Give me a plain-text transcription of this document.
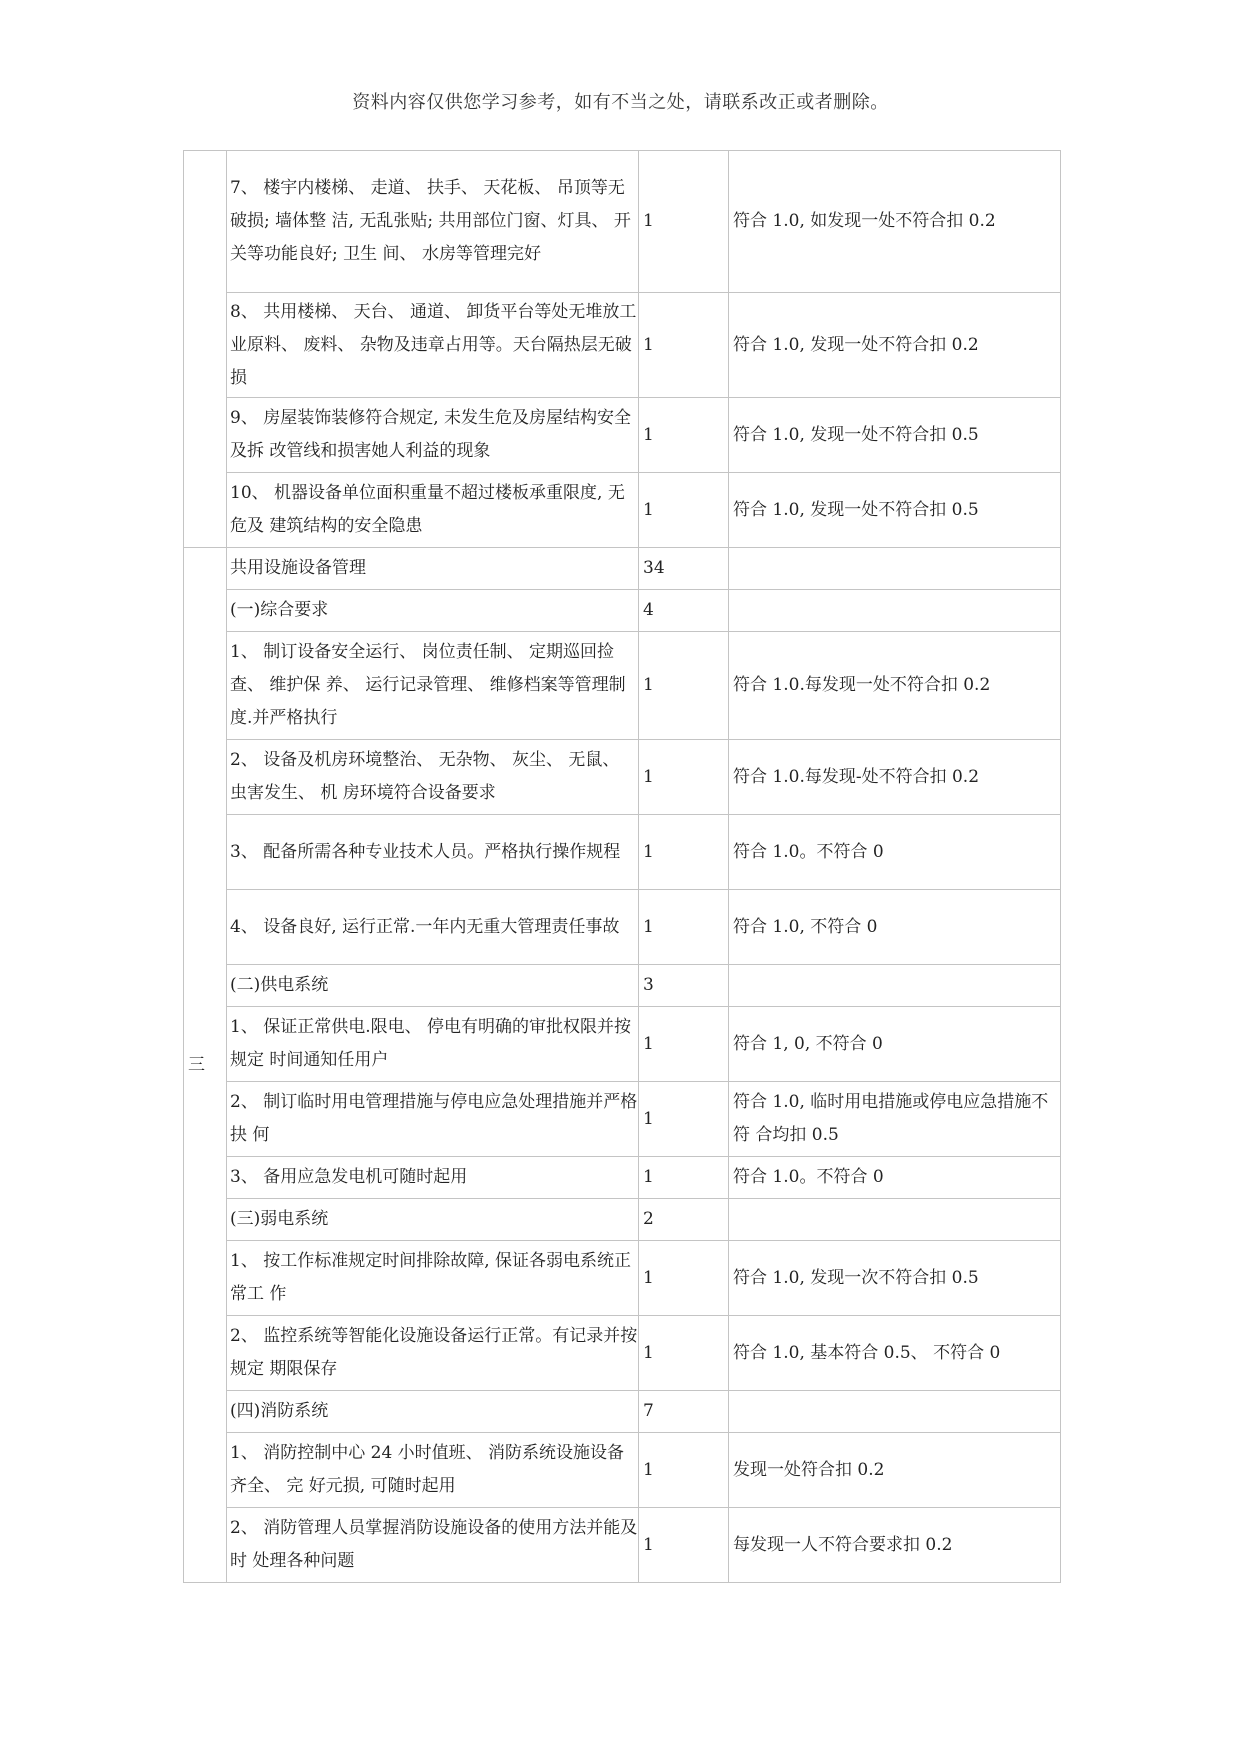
资料内容仅供您学习参考，如有不当之处，请联系改正或者删除。
	7、 楼宇内楼梯、 走道、 扶手、 天花板、 吊顶等无破损; 墙体整 洁, 无乱张贴; 共用部位门窗、灯具、 开关等功能良好; 卫生 间、 水房等管理完好	1	符合 1.0, 如发现一处不符合扣 0.2
	8、 共用楼梯、 天台、 通道、 卸货平台等处无堆放工业原料、 废料、 杂物及违章占用等。天台隔热层无破损	1	符合 1.0, 发现一处不符合扣 0.2
	9、 房屋装饰装修符合规定, 未发生危及房屋结构安全及拆 改管线和损害她人利益的现象	1	符合 1.0, 发现一处不符合扣 0.5
	10、 机器设备单位面积重量不超过楼板承重限度, 无危及 建筑结构的安全隐患	1	符合 1.0, 发现一处不符合扣 0.5
三	共用设施设备管理	34	
	(一)综合要求	4	
	1、 制订设备安全运行、 岗位责任制、 定期巡回捡查、 维护保 养、 运行记录管理、 维修档案等管理制度.并严格执行	1	符合 1.0.每发现一处不符合扣 0.2
	2、 设备及机房环境整治、 无杂物、 灰尘、 无鼠、 虫害发生、 机 房环境符合设备要求	1	符合 1.0.每发现-处不符合扣 0.2
	3、 配备所需各种专业技术人员。严格执行操作规程	1	符合 1.0。不符合 0
	4、 设备良好, 运行正常.一年内无重大管理责任事故	1	符合 1.0, 不符合 0
	(二)供电系统	3	
	1、 保证正常供电.限电、 停电有明确的审批权限并按规定 时间通知任用户	1	符合 1, 0, 不符合 0
	2、 制订临时用电管理措施与停电应急处理措施并严格抉 何	1	符合 1.0, 临时用电措施或停电应急措施不符 合均扣 0.5
	3、 备用应急发电机可随时起用	1	符合 1.0。不符合 0
	(三)弱电系统	2	
	1、 按工作标准规定时间排除故障, 保证各弱电系统正常工 作	1	符合 1.0, 发现一次不符合扣 0.5
	2、 监控系统等智能化设施设备运行正常。有记录并按规定 期限保存	1	符合 1.0, 基本符合 0.5、 不符合 0
	(四)消防系统	7	
	1、 消防控制中心 24 小时值班、 消防系统设施设备齐全、 完 好元损, 可随时起用	1	发现一处符合扣 0.2
	2、 消防管理人员掌握消防设施设备的使用方法并能及时 处理各种问题	1	每发现一人不符合要求扣 0.2
